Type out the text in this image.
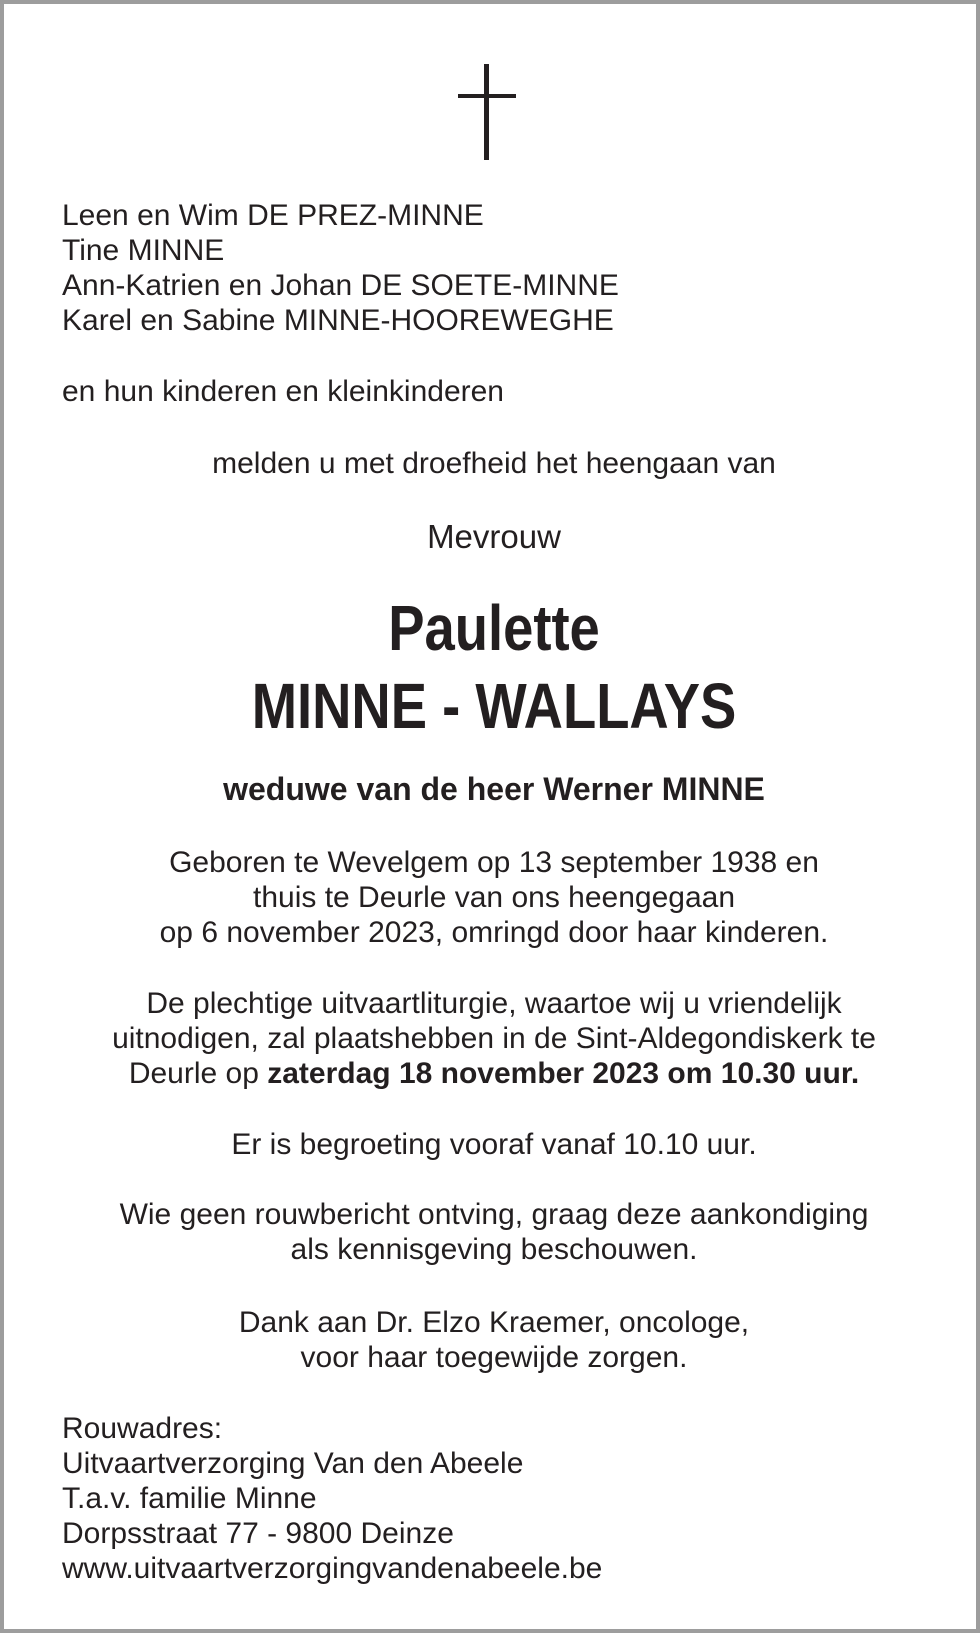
Leen en Wim DE PREZ-MINNE
Tine MINNE
Ann-Katrien en Johan DE SOETE-MINNE
Karel en Sabine MINNE-HOOREWEGHE
en hun kinderen en kleinkinderen
melden u met droefheid het heengaan van
Mevrouw
Paulette
MINNE - WALLAYS
weduwe van de heer Werner MINNE
Geboren te Wevelgem op 13 september 1938 en
thuis te Deurle van ons heengegaan
op 6 november 2023, omringd door haar kinderen.
De plechtige uitvaartliturgie, waartoe wij u vriendelijk
uitnodigen, zal plaatshebben in de Sint-Aldegondiskerk te
Deurle op zaterdag 18 november 2023 om 10.30 uur.
Er is begroeting vooraf vanaf 10.10 uur.
Wie geen rouwbericht ontving, graag deze aankondiging
als kennisgeving beschouwen.
Dank aan Dr. Elzo Kraemer, oncologe,
voor haar toegewijde zorgen.
Rouwadres:
Uitvaartverzorging Van den Abeele
T.a.v. familie Minne
Dorpsstraat 77 - 9800 Deinze
www.uitvaartverzorgingvandenabeele.be
